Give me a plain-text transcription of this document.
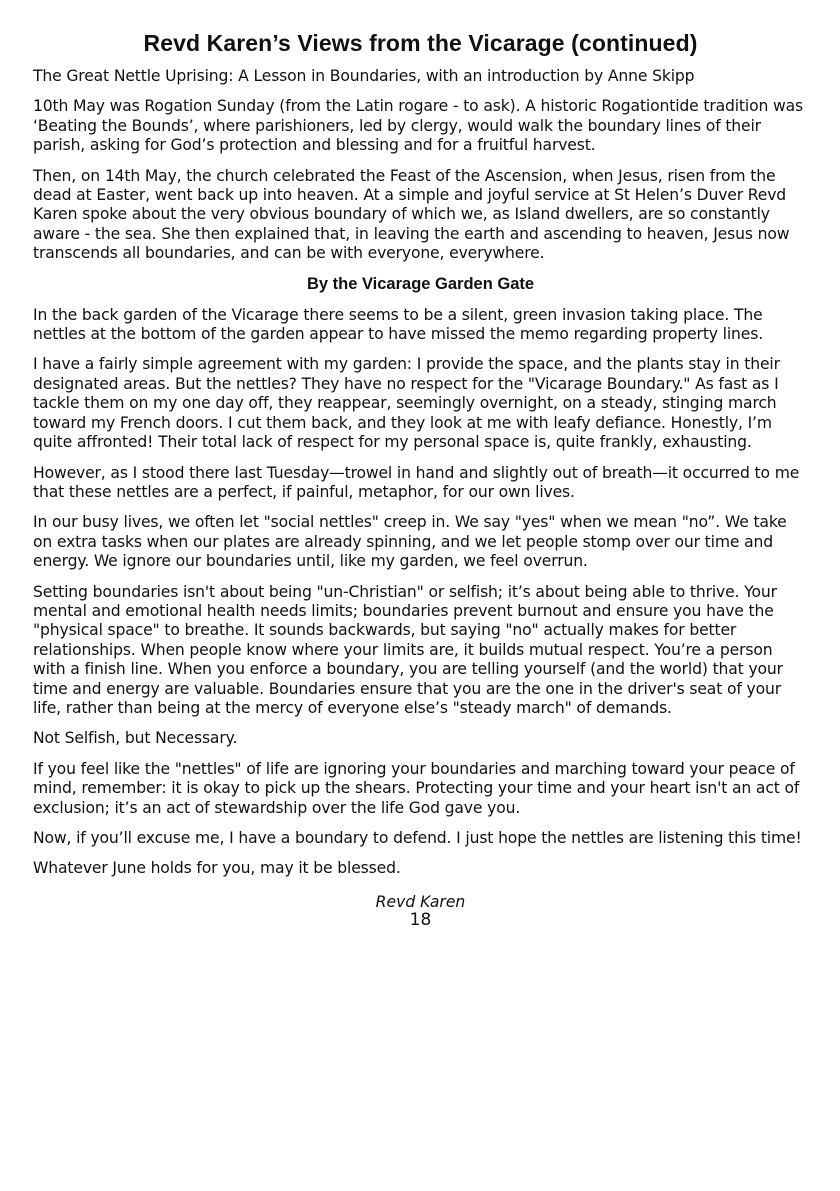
Revd Karen’s Views from the Vicarage (continued)

The Great Nettle Uprising: A Lesson in Boundaries, with an introduction by Anne Skipp

10th May was Rogation Sunday (from the Latin rogare - to ask). A historic Rogationtide tradition was ‘Beating the Bounds’, where parishioners, led by clergy, would walk the boundary lines of their parish, asking for God’s protection and blessing and for a fruitful harvest.

Then, on 14th May, the church celebrated the Feast of the Ascension, when Jesus, risen from the dead at Easter, went back up into heaven. At a simple and joyful service at St Helen’s Duver Revd Karen spoke about the very obvious boundary of which we, as Island dwellers, are so constantly aware - the sea. She then explained that, in leaving the earth and ascending to heaven, Jesus now transcends all boundaries, and can be with everyone, everywhere.

By the Vicarage Garden Gate

In the back garden of the Vicarage there seems to be a silent, green invasion taking place. The nettles at the bottom of the garden appear to have missed the memo regarding property lines.

I have a fairly simple agreement with my garden: I provide the space, and the plants stay in their designated areas. But the nettles? They have no respect for the "Vicarage Boundary." As fast as I tackle them on my one day off, they reappear, seemingly overnight, on a steady, stinging march toward my French doors. I cut them back, and they look at me with leafy defiance. Honestly, I’m quite affronted! Their total lack of respect for my personal space is, quite frankly, exhausting.

However, as I stood there last Tuesday—trowel in hand and slightly out of breath—it occurred to me that these nettles are a perfect, if painful, metaphor, for our own lives.

In our busy lives, we often let "social nettles" creep in. We say "yes" when we mean "no”. We take on extra tasks when our plates are already spinning, and we let people stomp over our time and energy. We ignore our boundaries until, like my garden, we feel overrun.

Setting boundaries isn't about being "un-Christian" or selfish; it’s about being able to thrive. Your mental and emotional health needs limits; boundaries prevent burnout and ensure you have the "physical space" to breathe. It sounds backwards, but saying "no" actually makes for better relationships. When people know where your limits are, it builds mutual respect. You’re a person with a finish line. When you enforce a boundary, you are telling yourself (and the world) that your time and energy are valuable. Boundaries ensure that you are the one in the driver's seat of your life, rather than being at the mercy of everyone else’s "steady march" of demands.

Not Selfish, but Necessary.

If you feel like the "nettles" of life are ignoring your boundaries and marching toward your peace of mind, remember: it is okay to pick up the shears. Protecting your time and your heart isn't an act of exclusion; it’s an act of stewardship over the life God gave you.

Now, if you’ll excuse me, I have a boundary to defend. I just hope the nettles are listening this time!

Whatever June holds for you, may it be blessed.

Revd Karen
18
